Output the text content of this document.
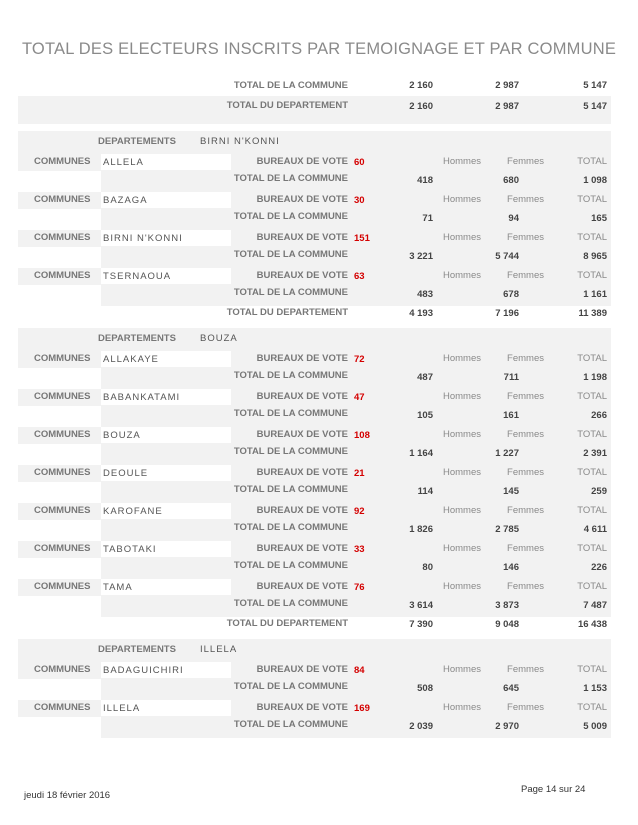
TOTAL DES ELECTEURS INSCRITS PAR TEMOIGNAGE ET PAR COMMUNE
TOTAL DE LA COMMUNE	2 160	2 987	5 147
TOTAL DU DEPARTEMENT	2 160	2 987	5 147
DEPARTEMENTS	BIRNI N'KONNI
COMMUNES ALLELA	BUREAUX DE VOTE 60	Hommes	Femmes	TOTAL
TOTAL DE LA COMMUNE	418	680	1 098
COMMUNES BAZAGA	BUREAUX DE VOTE 30	Hommes	Femmes	TOTAL
TOTAL DE LA COMMUNE	71	94	165
COMMUNES BIRNI N'KONNI	BUREAUX DE VOTE 151	Hommes	Femmes	TOTAL
TOTAL DE LA COMMUNE	3 221	5 744	8 965
COMMUNES TSERNAOUA	BUREAUX DE VOTE 63	Hommes	Femmes	TOTAL
TOTAL DE LA COMMUNE	483	678	1 161
TOTAL DU DEPARTEMENT	4 193	7 196	11 389
DEPARTEMENTS	BOUZA
COMMUNES ALLAKAYE	BUREAUX DE VOTE 72	Hommes	Femmes	TOTAL
TOTAL DE LA COMMUNE	487	711	1 198
COMMUNES BABANKATAMI	BUREAUX DE VOTE 47	Hommes	Femmes	TOTAL
TOTAL DE LA COMMUNE	105	161	266
COMMUNES BOUZA	BUREAUX DE VOTE 108	Hommes	Femmes	TOTAL
TOTAL DE LA COMMUNE	1 164	1 227	2 391
COMMUNES DEOULE	BUREAUX DE VOTE 21	Hommes	Femmes	TOTAL
TOTAL DE LA COMMUNE	114	145	259
COMMUNES KAROFANE	BUREAUX DE VOTE 92	Hommes	Femmes	TOTAL
TOTAL DE LA COMMUNE	1 826	2 785	4 611
COMMUNES TABOTAKI	BUREAUX DE VOTE 33	Hommes	Femmes	TOTAL
TOTAL DE LA COMMUNE	80	146	226
COMMUNES TAMA	BUREAUX DE VOTE 76	Hommes	Femmes	TOTAL
TOTAL DE LA COMMUNE	3 614	3 873	7 487
TOTAL DU DEPARTEMENT	7 390	9 048	16 438
DEPARTEMENTS	ILLELA
COMMUNES BADAGUICHIRI	BUREAUX DE VOTE 84	Hommes	Femmes	TOTAL
TOTAL DE LA COMMUNE	508	645	1 153
COMMUNES ILLELA	BUREAUX DE VOTE 169	Hommes	Femmes	TOTAL
TOTAL DE LA COMMUNE	2 039	2 970	5 009
jeudi 18 février 2016
Page 14 sur 24
